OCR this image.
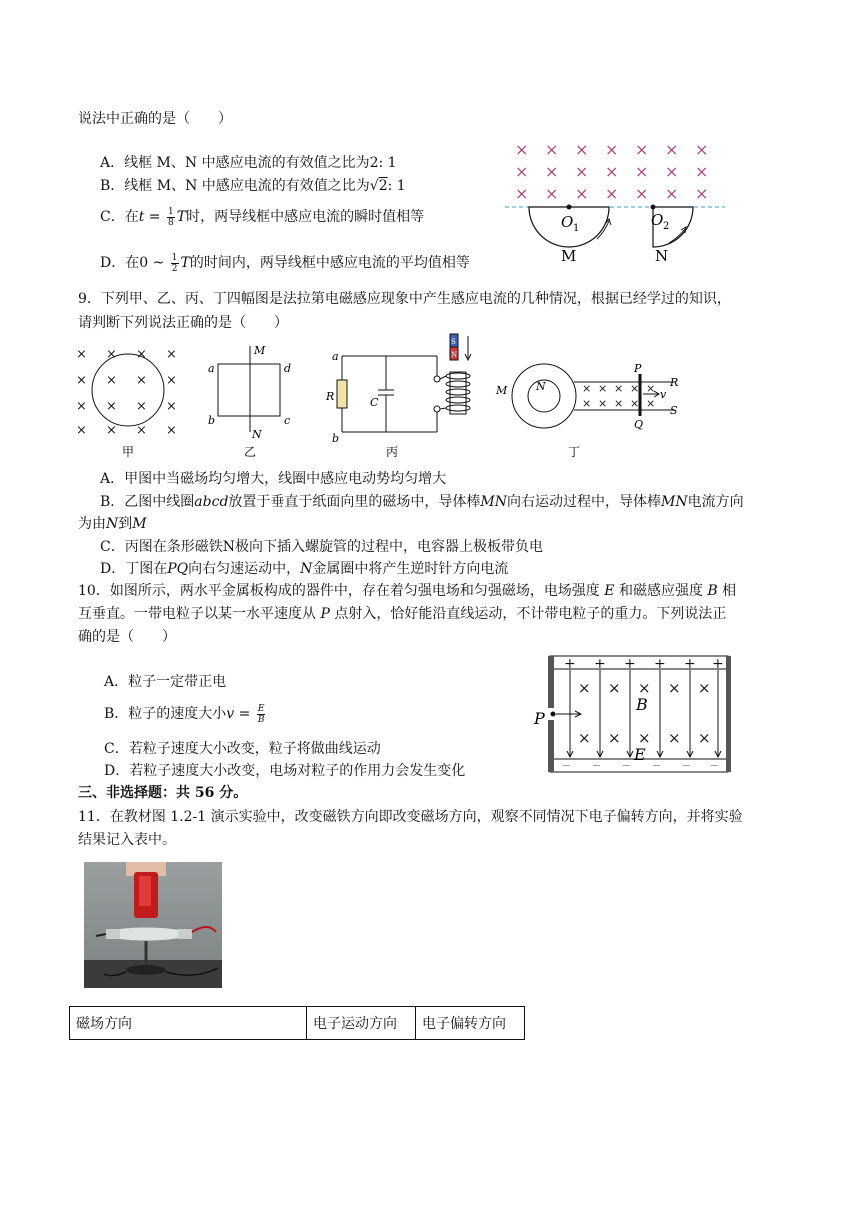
说法中正确的是（　　）
A．线框 M、N 中感应电流的有效值之比为2: 1
B．线框 M、N 中感应电流的有效值之比为√2: 1
C．在$t = \frac{1}{8}$ T时，两导线框中感应电流的瞬时值相等
D．在0 ~ $\frac{1}{2}$ T的时间内，两导线框中感应电流的平均值相等
× × × × × × ×
× × × × × × ×
× × × × × × ×
O 1	O 2
M	N
9．下列甲、乙、丙、丁四幅图是法拉第电磁感应现象中产生感应电流的几种情况，根据已经学过的知识，
请判断下列说法正确的是（　　）
× × × ×
× × × ×
× × × ×
× × × ×
甲
M
a	d
b	c
N
乙
S
N
a
R	C
b
丙
× × × × ×
× × × × ×
M	N
P
Q
v
R
S
丁
A．甲图中当磁场均匀增大，线圈中感应电动势均匀增大
B．乙图中线圈abcd放置于垂直于纸面向里的磁场中，导体棒MN向右运动过程中，导体棒MN电流方向
为由N到M
C．丙图在条形磁铁N极向下插入螺旋管的过程中，电容器上极板带负电
D．丁图在PQ向右匀速运动中，N金属圈中将产生逆时针方向电流
10．如图所示，两水平金属板构成的器件中，存在着匀强电场和匀强磁场，电场强度 E 和磁感应强度 B 相
互垂直。一带电粒子以某一水平速度从 P 点射入，恰好能沿直线运动，不计带电粒子的重力。下列说法正
确的是（　　）
A．粒子一定带正电
B．粒子的速度大小$v = \frac{E}{B}$
C．若粒子速度大小改变，粒子将做曲线运动
D．若粒子速度大小改变，电场对粒子的作用力会发生变化
+ + + + + +
－ － － － － －
× × × × ×
× × × × ×
P
B
E
三、非选择题：共 56 分。
11．在教材图 1.2-1 演示实验中，改变磁铁方向即改变磁场方向，观察不同情况下电子偏转方向，并将实验
结果记入表中。
磁场方向	电子运动方向	电子偏转方向
